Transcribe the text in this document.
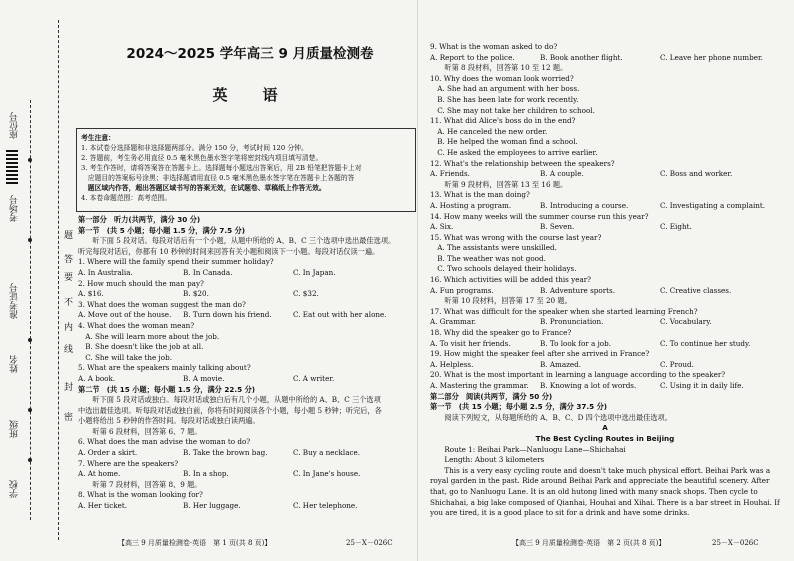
座位号
考场号
准考证号
姓名
班级
学校
题
答
要
不
内
线
封
密
2024～2025 学年高三 9 月质量检测卷
英　语

考生注意：

1. 本试卷分选择题和非选择题两部分。满分 150 分，考试时间 120 分钟。

2. 答题前，考生务必用直径 0.5 毫米黑色墨水签字笔将密封线内项目填写清楚。

3. 考生作答时，请将答案答在答题卡上。选择题每小题选出答案后，用 2B 铅笔把答题卡上对

　应题目的答案标号涂黑；非选择题请用直径 0.5 毫米黑色墨水签字笔在答题卡上各题的答

　题区域内作答，超出答题区域书写的答案无效，在试题卷、草稿纸上作答无效。

4. 本卷命题范围：高考范围。

第一部分　听力(共两节，满分 30 分)

第一节　(共 5 小题；每小题 1.5 分，满分 7.5 分)

　　听下面 5 段对话。每段对话后有一个小题，从题中所给的 A、B、C 三个选项中选出最佳选项。

听完每段对话后，你都有 10 秒钟的时间来回答有关小题和阅读下一小题。每段对话仅读一遍。

1. Where will the family spend their summer holiday?

A. In Australia.	B. In Canada.	C. In Japan.

2. How much should the man pay?

A. $16.	B. $20.	C. $32.

3. What does the woman suggest the man do?

A. Move out of the house.	B. Turn down his friend.	C. Eat out with her alone.

4. What does the woman mean?

　A. She will learn more about the job.

　B. She doesn't like the job at all.

　C. She will take the job.

5. What are the speakers mainly talking about?

A. A book.	B. A movie.	C. A writer.

第二节　(共 15 小题；每小题 1.5 分，满分 22.5 分)

　　听下面 5 段对话或独白。每段对话或独白后有几个小题，从题中所给的 A、B、C 三个选项

中选出最佳选项。听每段对话或独白前，你将有时间阅读各个小题，每小题 5 秒钟；听完后，各

小题将给出 5 秒钟的作答时间。每段对话或独白读两遍。

　　听第 6 段材料，回答第 6、7 题。

6. What does the man advise the woman to do?

A. Order a skirt.	B. Take the brown bag.	C. Buy a necklace.

7. Where are the speakers?

A. At home.	B. In a shop.	C. In Jane's house.

　　听第 7 段材料，回答第 8、9 题。

8. What is the woman looking for?

A. Her ticket.	B. Her luggage.	C. Her telephone.

9. What is the woman asked to do?

A. Report to the police.	B. Book another flight.	C. Leave her phone number.

　　听第 8 段材料，回答第 10 至 12 题。

10. Why does the woman look worried?

　A. She had an argument with her boss.

　B. She has been late for work recently.

　C. She may not take her children to school.

11. What did Alice's boss do in the end?

　A. He canceled the new order.

　B. He helped the woman find a school.

　C. He asked the employees to arrive earlier.

12. What's the relationship between the speakers?

A. Friends.	B. A couple.	C. Boss and worker.

　　听第 9 段材料，回答第 13 至 16 题。

13. What is the man doing?

A. Hosting a program.	B. Introducing a course.	C. Investigating a complaint.

14. How many weeks will the summer course run this year?

A. Six.	B. Seven.	C. Eight.

15. What was wrong with the course last year?

　A. The assistants were unskilled.

　B. The weather was not good.

　C. Two schools delayed their holidays.

16. Which activities will be added this year?

A. Fun programs.	B. Adventure sports.	C. Creative classes.

　　听第 10 段材料，回答第 17 至 20 题。

17. What was difficult for the speaker when she started learning French?

A. Grammar.	B. Pronunciation.	C. Vocabulary.

18. Why did the speaker go to France?

A. To visit her friends.	B. To look for a job.	C. To continue her study.

19. How might the speaker feel after she arrived in France?

A. Helpless.	B. Amazed.	C. Proud.

20. What is the most important in learning a language according to the speaker?

A. Mastering the grammar.	B. Knowing a lot of words.	C. Using it in daily life.

第二部分　阅读(共两节，满分 50 分)

第一节　(共 15 小题；每小题 2.5 分，满分 37.5 分)

　　阅读下列短文，从每题所给的 A、B、C、D 四个选项中选出最佳选项。

A

The Best Cycling Routes in Beijing

　　Route 1: Beihai Park—Nanluogu Lane—Shichahai

　　Length: About 3 kilometers

　　This is a very easy cycling route and doesn't take much physical effort. Beihai Park was a

royal garden in the past. Ride around Beihai Park and appreciate the beautiful scenery. After

that, go to Nanluogu Lane. It is an old hutong lined with many snack shops. Then cycle to

Shichahai, a big lake composed of Qianhai, Houhai and Xihai. There is a bar street in Houhai. If

you are tired, it is a good place to sit for a drink and have some drinks.

【高三 9 月质量检测卷·英语　第 1 页(共 8 页)】	25－X－026C	【高三 9 月质量检测卷·英语　第 2 页(共 8 页)】	25－X－026C
